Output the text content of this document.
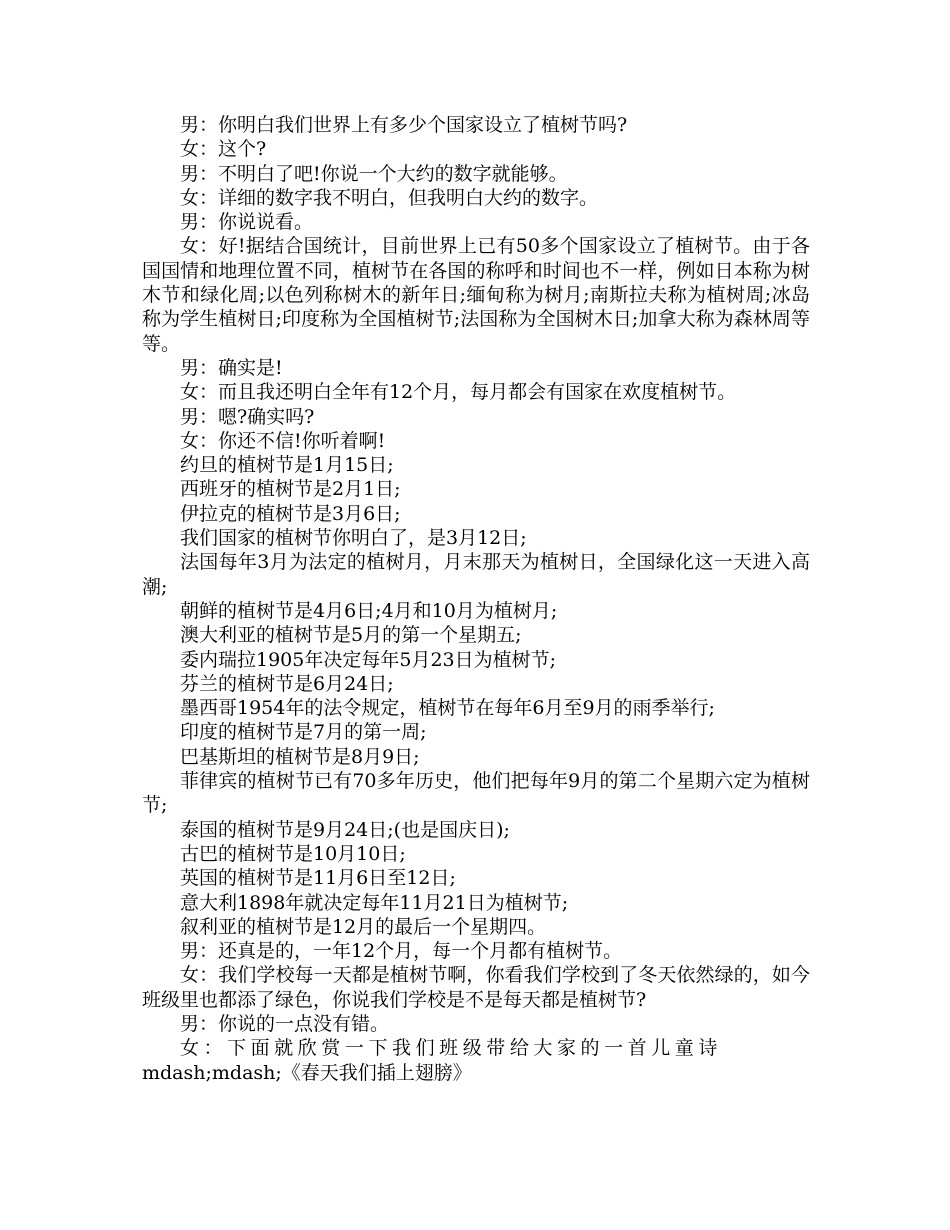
男：你明白我们世界上有多少个国家设立了植树节吗?

女：这个?

男：不明白了吧!你说一个大约的数字就能够。

女：详细的数字我不明白，但我明白大约的数字。

男：你说说看。

女：好!据结合国统计，目前世界上已有50多个国家设立了植树节。由于各国国情和地理位置不同，植树节在各国的称呼和时间也不一样，例如日本称为树木节和绿化周;以色列称树木的新年日;缅甸称为树月;南斯拉夫称为植树周;冰岛称为学生植树日;印度称为全国植树节;法国称为全国树木日;加拿大称为森林周等等。

男：确实是!

女：而且我还明白全年有12个月，每月都会有国家在欢度植树节。

男：嗯?确实吗?

女：你还不信!你听着啊!

约旦的植树节是1月15日;

西班牙的植树节是2月1日;

伊拉克的植树节是3月6日;

我们国家的植树节你明白了，是3月12日;

法国每年3月为法定的植树月，月末那天为植树日，全国绿化这一天进入高潮;

朝鲜的植树节是4月6日;4月和10月为植树月;

澳大利亚的植树节是5月的第一个星期五;

委内瑞拉1905年决定每年5月23日为植树节;

芬兰的植树节是6月24日;

墨西哥1954年的法令规定，植树节在每年6月至9月的雨季举行;

印度的植树节是7月的第一周;

巴基斯坦的植树节是8月9日;

菲律宾的植树节已有70多年历史，他们把每年9月的第二个星期六定为植树节;

泰国的植树节是9月24日;(也是国庆日);

古巴的植树节是10月10日;

英国的植树节是11月6日至12日;

意大利1898年就决定每年11月21日为植树节;

叙利亚的植树节是12月的最后一个星期四。

男：还真是的，一年12个月，每一个月都有植树节。

女：我们学校每一天都是植树节啊，你看我们学校到了冬天依然绿的，如今班级里也都添了绿色，你说我们学校是不是每天都是植树节?

男：你说的一点没有错。

女：下面就欣赏一下我们班级带给大家的一首儿童诗
mdash;mdash;《春天我们插上翅膀》
